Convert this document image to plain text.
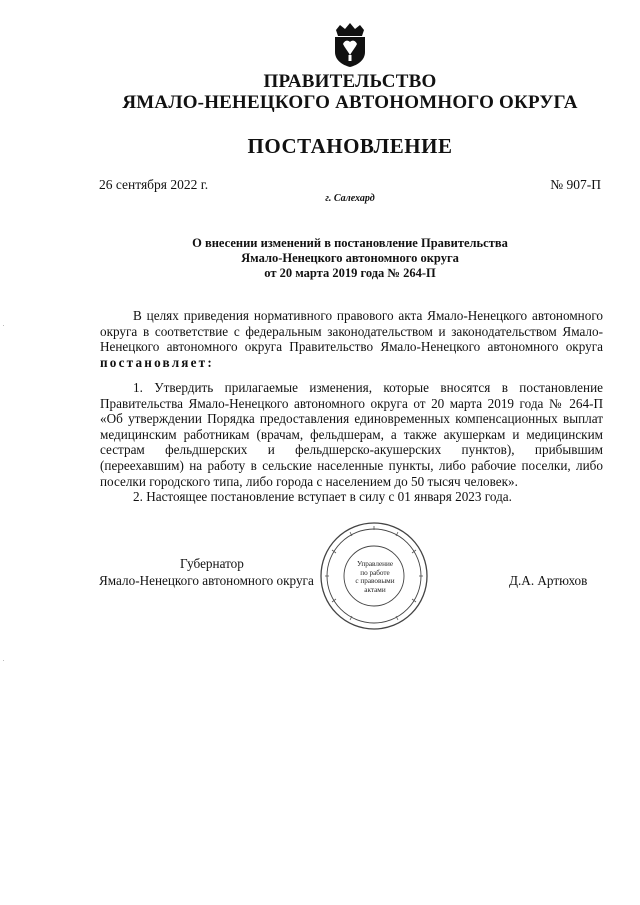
ПРАВИТЕЛЬСТВО
ЯМАЛО-НЕНЕЦКОГО АВТОНОМНОГО ОКРУГА
ПОСТАНОВЛЕНИЕ
26 сентября 2022 г.	№ 907-П
г. Салехард
О внесении изменений в постановление Правительства
Ямало-Ненецкого автономного округа
от 20 марта 2019 года № 264-П

В целях приведения нормативного правового акта Ямало-Ненецкого автономного округа в соответствие с федеральным законодательством и законодательством Ямало-Ненецкого автономного округа Правительство Ямало-Ненецкого автономного округа постановляет:

1. Утвердить прилагаемые изменения, которые вносятся в постановление Правительства Ямало-Ненецкого автономного округа от 20 марта 2019 года № 264-П «Об утверждении Порядка предоставления единовременных компенсационных выплат медицинским работникам (врачам, фельдшерам, а также акушеркам и медицинским сестрам фельдшерских и фельдшерско-акушерских пунктов), прибывшим (переехавшим) на работу в сельские населенные пункты, либо рабочие поселки, либо поселки городского типа, либо города с населением до 50 тысяч человек».

2. Настоящее постановление вступает в силу с 01 января 2023 года.

Губернатор
Ямало-Ненецкого автономного округа	Д.А. Артюхов
Управление
по работе
с правовыми
актами
